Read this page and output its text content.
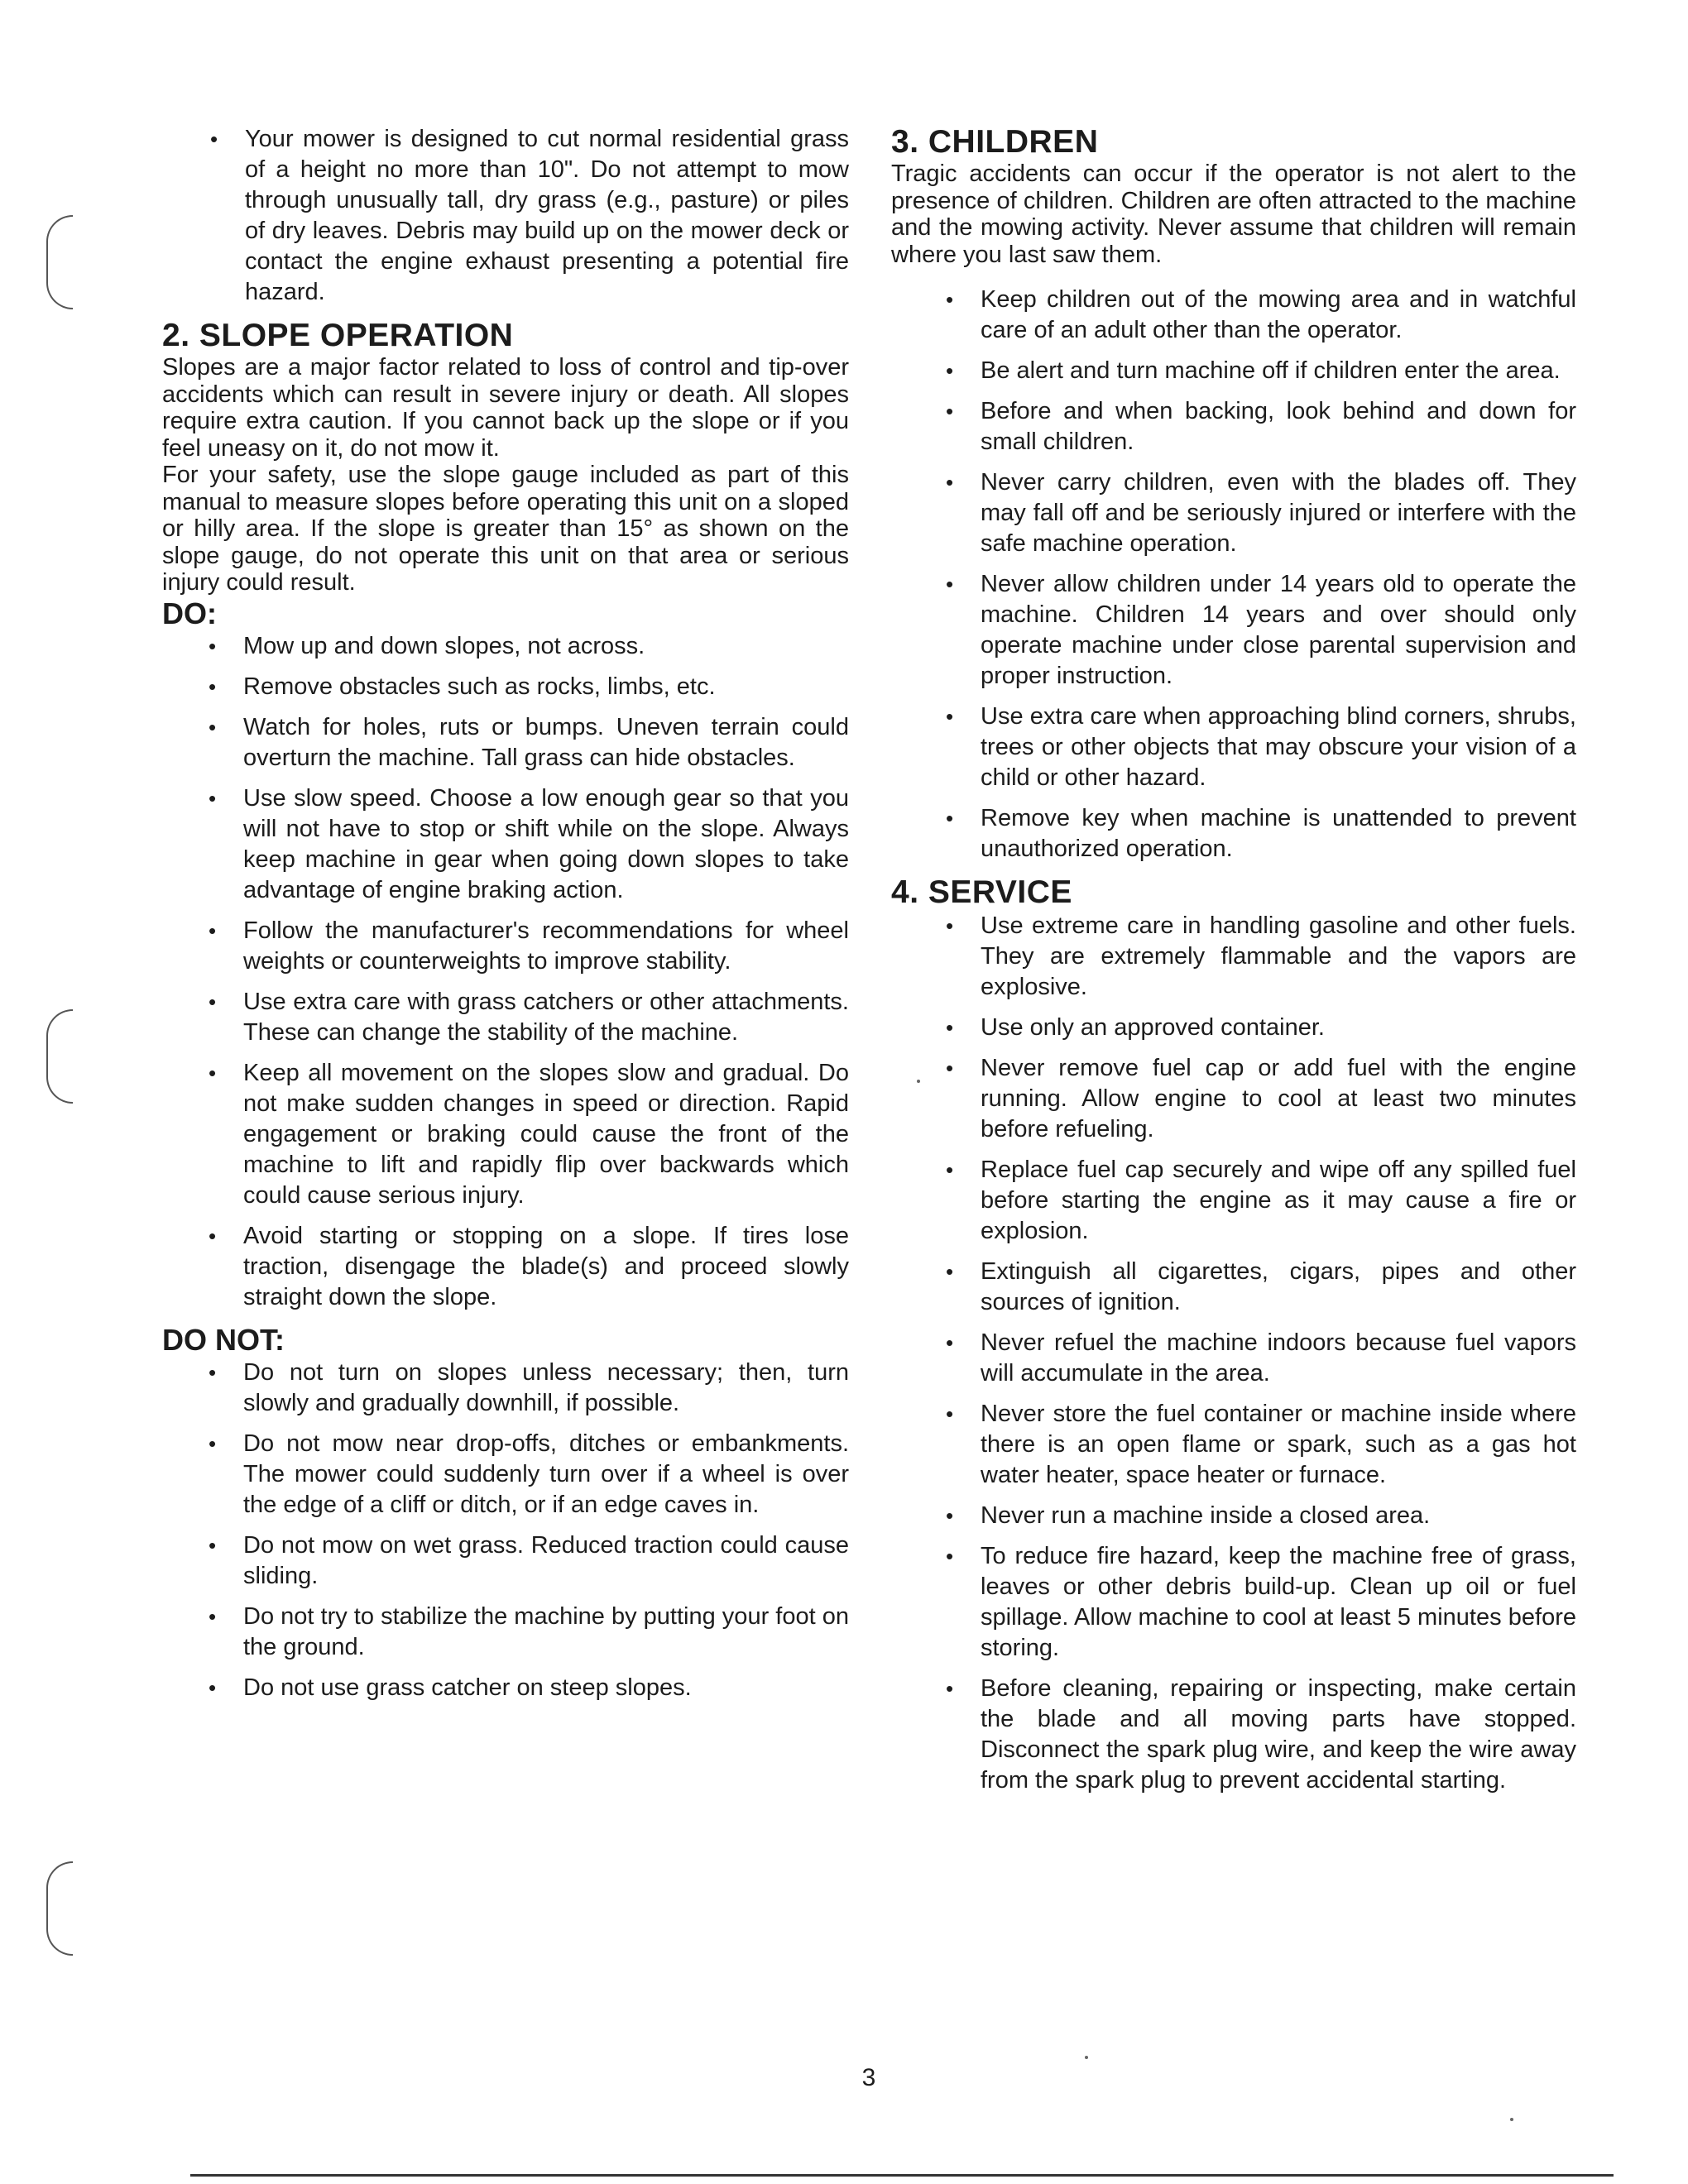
• Your mower is designed to cut normal residential grass of a height no more than 10". Do not attempt to mow through unusually tall, dry grass (e.g., pasture) or piles of dry leaves. Debris may build up on the mower deck or contact the engine exhaust presenting a potential fire hazard.
2. SLOPE OPERATION

Slopes are a major factor related to loss of control and tip-over accidents which can result in severe injury or death. All slopes require extra caution. If you cannot back up the slope or if you feel uneasy on it, do not mow it.

For your safety, use the slope gauge included as part of this manual to measure slopes before operating this unit on a sloped or hilly area. If the slope is greater than 15° as shown on the slope gauge, do not operate this unit on that area or serious injury could result.

DO:
• Mow up and down slopes, not across.
• Remove obstacles such as rocks, limbs, etc.
• Watch for holes, ruts or bumps. Uneven terrain could overturn the machine. Tall grass can hide obstacles.
• Use slow speed. Choose a low enough gear so that you will not have to stop or shift while on the slope. Always keep machine in gear when going down slopes to take advantage of engine braking action.
• Follow the manufacturer's recommendations for wheel weights or counterweights to improve stability.
• Use extra care with grass catchers or other attachments. These can change the stability of the machine.
• Keep all movement on the slopes slow and gradual. Do not make sudden changes in speed or direction. Rapid engagement or braking could cause the front of the machine to lift and rapidly flip over backwards which could cause serious injury.
• Avoid starting or stopping on a slope. If tires lose traction, disengage the blade(s) and proceed slowly straight down the slope.
DO NOT:
• Do not turn on slopes unless necessary; then, turn slowly and gradually downhill, if possible.
• Do not mow near drop-offs, ditches or embankments. The mower could suddenly turn over if a wheel is over the edge of a cliff or ditch, or if an edge caves in.
• Do not mow on wet grass. Reduced traction could cause sliding.
• Do not try to stabilize the machine by putting your foot on the ground.
• Do not use grass catcher on steep slopes.
3. CHILDREN

Tragic accidents can occur if the operator is not alert to the presence of children. Children are often attracted to the machine and the mowing activity. Never assume that children will remain where you last saw them.

• Keep children out of the mowing area and in watchful care of an adult other than the operator.
• Be alert and turn machine off if children enter the area.
• Before and when backing, look behind and down for small children.
• Never carry children, even with the blades off. They may fall off and be seriously injured or interfere with the safe machine operation.
• Never allow children under 14 years old to operate the machine. Children 14 years and over should only operate machine under close parental supervision and proper instruction.
• Use extra care when approaching blind corners, shrubs, trees or other objects that may obscure your vision of a child or other hazard.
• Remove key when machine is unattended to prevent unauthorized operation.
4. SERVICE
• Use extreme care in handling gasoline and other fuels. They are extremely flammable and the vapors are explosive.
• Use only an approved container.
• Never remove fuel cap or add fuel with the engine running. Allow engine to cool at least two minutes before refueling.
• Replace fuel cap securely and wipe off any spilled fuel before starting the engine as it may cause a fire or explosion.
• Extinguish all cigarettes, cigars, pipes and other sources of ignition.
• Never refuel the machine indoors because fuel vapors will accumulate in the area.
• Never store the fuel container or machine inside where there is an open flame or spark, such as a gas hot water heater, space heater or furnace.
• Never run a machine inside a closed area.
• To reduce fire hazard, keep the machine free of grass, leaves or other debris build-up. Clean up oil or fuel spillage. Allow machine to cool at least 5 minutes before storing.
• Before cleaning, repairing or inspecting, make certain the blade and all moving parts have stopped. Disconnect the spark plug wire, and keep the wire away from the spark plug to prevent accidental starting.
3
